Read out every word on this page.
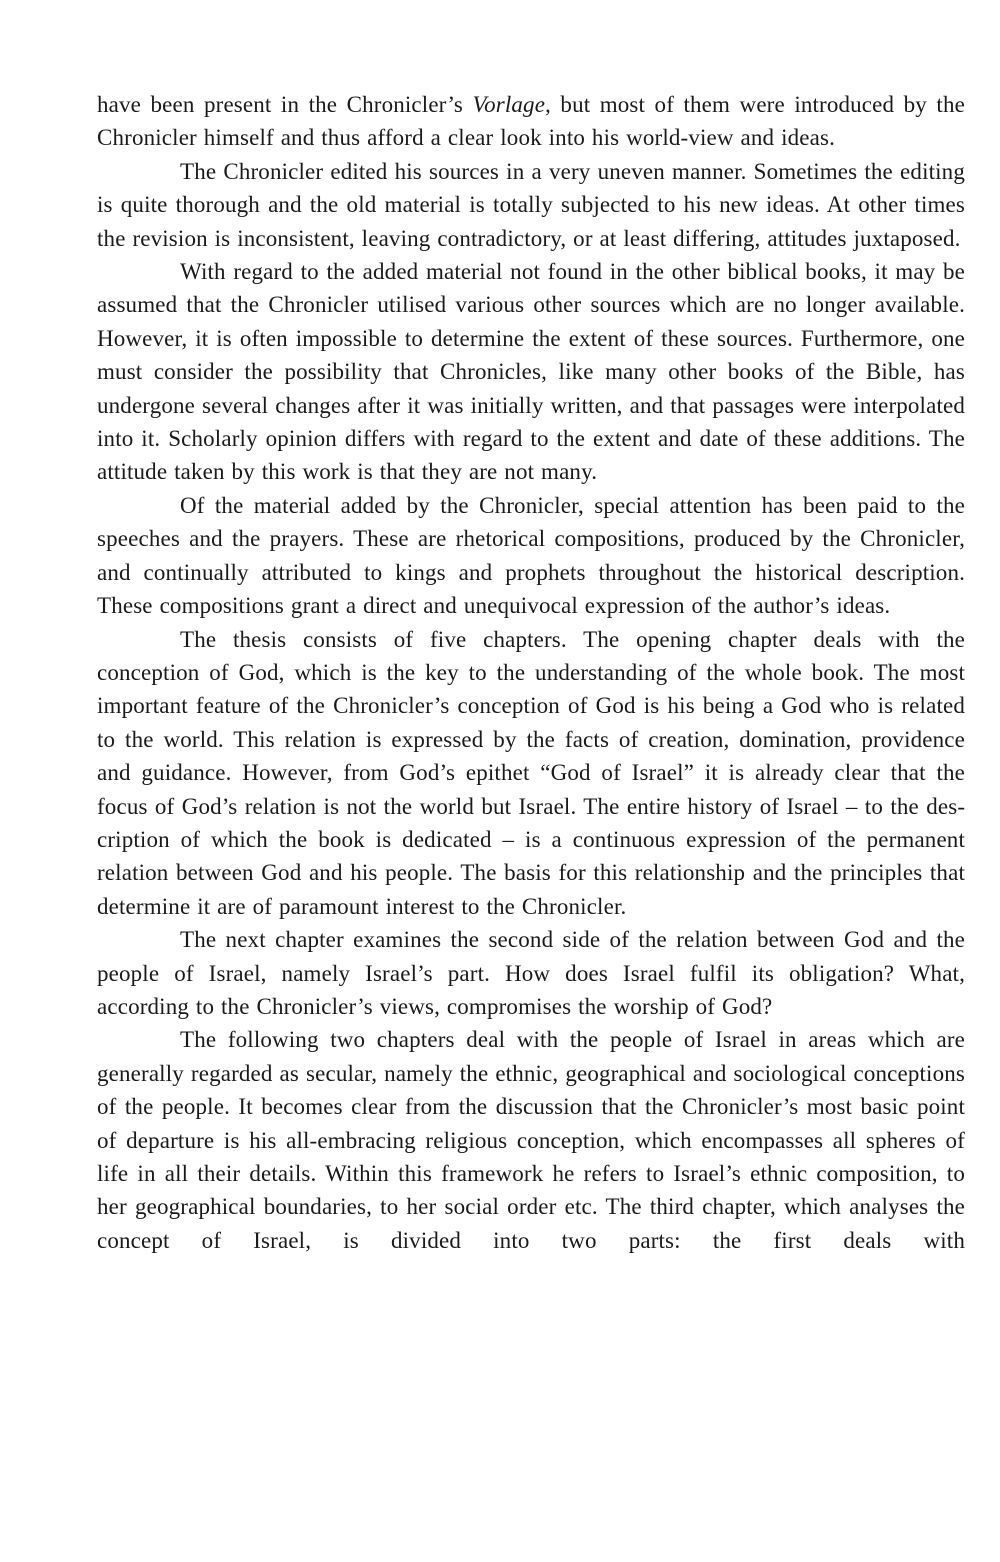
have been present in the Chronicler’s Vorlage, but most of them were introduced by the Chronicler himself and thus afford a clear look into his world-view and ideas.

The Chronicler edited his sources in a very uneven manner. Sometimes the editing is quite thorough and the old material is totally subjected to his new ideas. At other times the revision is inconsistent, leaving contradictory, or at least differing, attitudes juxtaposed.

With regard to the added material not found in the other biblical books, it may be assumed that the Chronicler utilised various other sources which are no longer available. However, it is often impossible to determine the extent of these sources. Furthermore, one must consider the possibility that Chronicles, like many other books of the Bible, has undergone several changes after it was initially written, and that passages were interpolated into it. Scholarly opinion differs with regard to the extent and date of these additions. The attitude taken by this work is that they are not many.

Of the material added by the Chronicler, special attention has been paid to the speeches and the prayers. These are rhetorical compositions, produced by the Chronicler, and continually attributed to kings and prophets throughout the historical description. These compositions grant a direct and unequivocal expression of the author’s ideas.

The thesis consists of five chapters. The opening chapter deals with the conception of God, which is the key to the understanding of the whole book. The most important feature of the Chronicler’s conception of God is his being a God who is related to the world. This relation is expressed by the facts of creation, domination, providence and guidance. However, from God’s epithet “God of Israel” it is already clear that the focus of God’s relation is not the world but Israel. The entire history of Israel – to the description of which the book is dedicated – is a continuous expression of the permanent relation between God and his people. The basis for this relationship and the principles that determine it are of paramount interest to the Chronicler.

The next chapter examines the second side of the relation between God and the people of Israel, namely Israel’s part. How does Israel fulfil its obligation? What, according to the Chronicler’s views, compromises the worship of God?

The following two chapters deal with the people of Israel in areas which are generally regarded as secular, namely the ethnic, geographical and sociological conceptions of the people. It becomes clear from the discussion that the Chronicler’s most basic point of departure is his all-embracing religious conception, which encompasses all spheres of life in all their details. Within this framework he refers to Israel’s ethnic composition, to her geographical boundaries, to her social order etc. The third chapter, which analyses the concept of Israel, is divided into two parts: the first deals with
